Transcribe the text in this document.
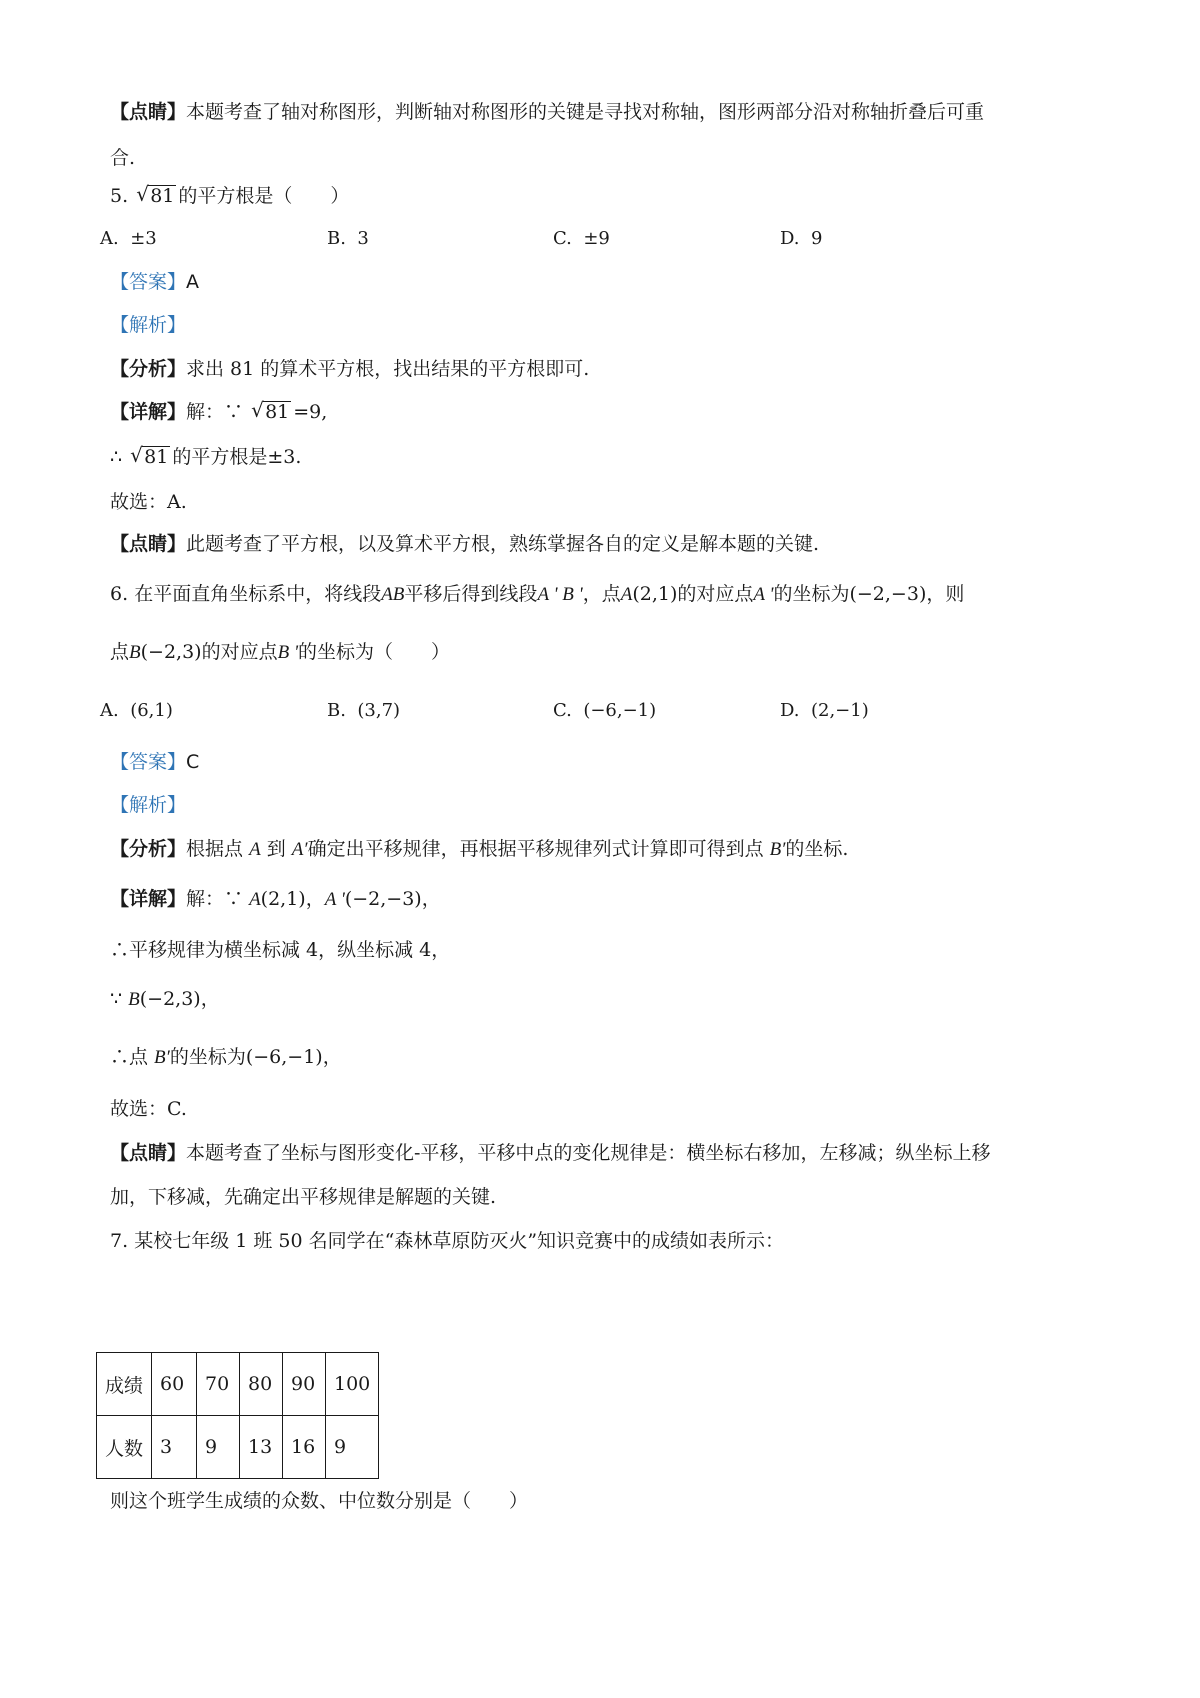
【点睛】本题考查了轴对称图形，判断轴对称图形的关键是寻找对称轴，图形两部分沿对称轴折叠后可重
合.
5. √ 81 的平方根是（　　）
A. ±3	B. 3	C. ±9	D. 9
【答案】A
【解析】
【分析】求出 81 的算术平方根，找出结果的平方根即可.
【详解】解：∵ √ 81 =9,
∴ √ 81 的平方根是±3.
故选：A.
【点睛】此题考查了平方根，以及算术平方根，熟练掌握各自的定义是解本题的关键.
6. 在平面直角坐标系中，将线段AB平移后得到线段A ' B '，点A(2,1)的对应点A '的坐标为(−2,−3)，则
点B(−2,3)的对应点B '的坐标为（　　）
A. (6,1)	B. (3,7)	C. (−6,−1)	D. (2,−1)
【答案】C
【解析】
【分析】根据点 A 到 A′确定出平移规律，再根据平移规律列式计算即可得到点 B′的坐标.
【详解】解：∵ A(2,1)，A '(−2,−3)，
∴平移规律为横坐标减 4，纵坐标减 4，
∵ B(−2,3)，
∴点 B′的坐标为(−6,−1)，
故选：C.
【点睛】本题考查了坐标与图形变化-平移，平移中点的变化规律是：横坐标右移加，左移减；纵坐标上移
加，下移减，先确定出平移规律是解题的关键.
7. 某校七年级 1 班 50 名同学在“森林草原防灭火”知识竞赛中的成绩如表所示：
成绩	60	70	80	90	100
人数	3	9	13	16	9
则这个班学生成绩的众数、中位数分别是（　　）
